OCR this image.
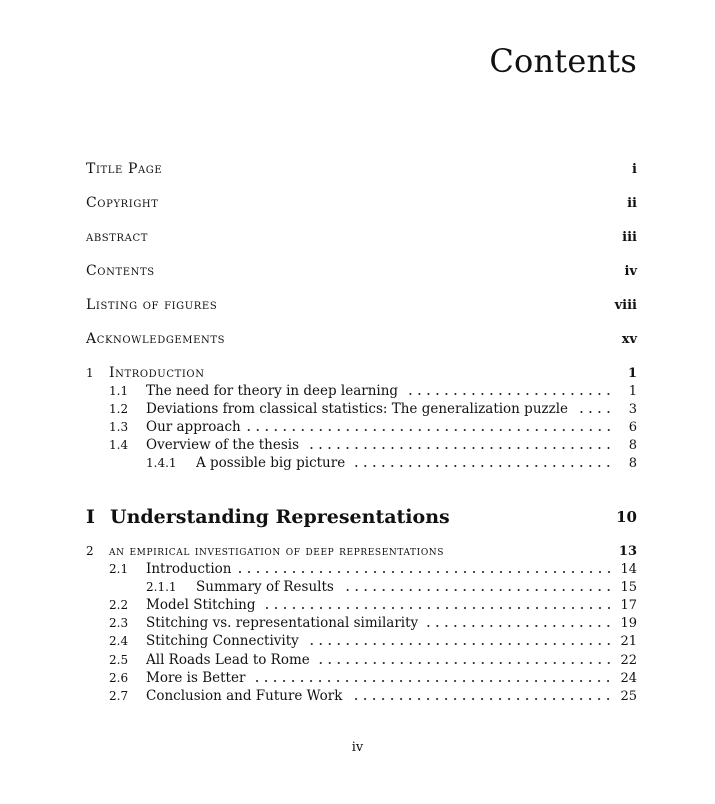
Contents
Title Page	i
Copyright	ii
abstract	iii
Contents	iv
Listing of figures	viii
Acknowledgements	xv
1 Introduction	1
1.1 The need for theory in deep learning	1
1.2 Deviations from classical statistics: The generalization puzzle	3
1.3 Our approach	6
1.4 Overview of the thesis	8
1.4.1 A possible big picture	8
I Understanding Representations	10
2 an empirical investigation of deep representations	13
2.1 Introduction	14
2.1.1 Summary of Results	15
2.2 Model Stitching	17
2.3 Stitching vs. representational similarity	19
2.4 Stitching Connectivity	21
2.5 All Roads Lead to Rome	22
2.6 More is Better	24
2.7 Conclusion and Future Work	25
iv
